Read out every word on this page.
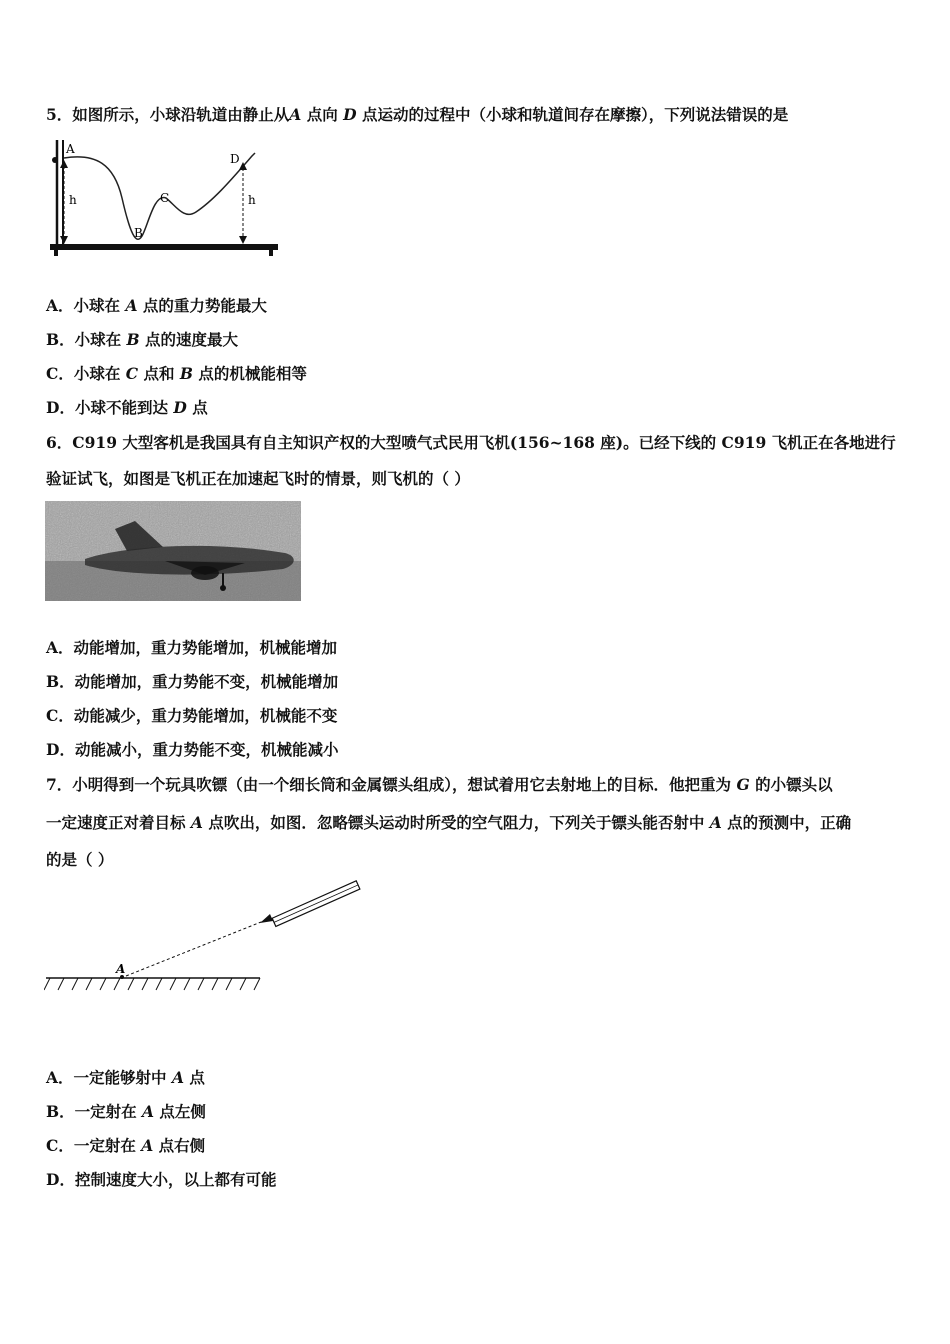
5．如图所示，小球沿轨道由静止从A 点向 D 点运动的过程中（小球和轨道间存在摩擦），下列说法错误的是
A
B
C
D
h	h
A．小球在 A 点的重力势能最大
B．小球在 B 点的速度最大
C．小球在 C 点和 B 点的机械能相等
D．小球不能到达 D 点
6．C919 大型客机是我国具有自主知识产权的大型喷气式民用飞机(156~168 座)。已经下线的 C919 飞机正在各地进行
验证试飞，如图是飞机正在加速起飞时的情景，则飞机的（ ）
A．动能增加，重力势能增加，机械能增加
B．动能增加，重力势能不变，机械能增加
C．动能减少，重力势能增加，机械能不变
D．动能减小，重力势能不变，机械能减小
7．小明得到一个玩具吹镖（由一个细长筒和金属镖头组成），想试着用它去射地上的目标．他把重为 G 的小镖头以
一定速度正对着目标 A 点吹出，如图．忽略镖头运动时所受的空气阻力，下列关于镖头能否射中 A 点的预测中，正确
的是（ ）
A
A．一定能够射中 A 点
B．一定射在 A 点左侧
C．一定射在 A 点右侧
D．控制速度大小，以上都有可能
